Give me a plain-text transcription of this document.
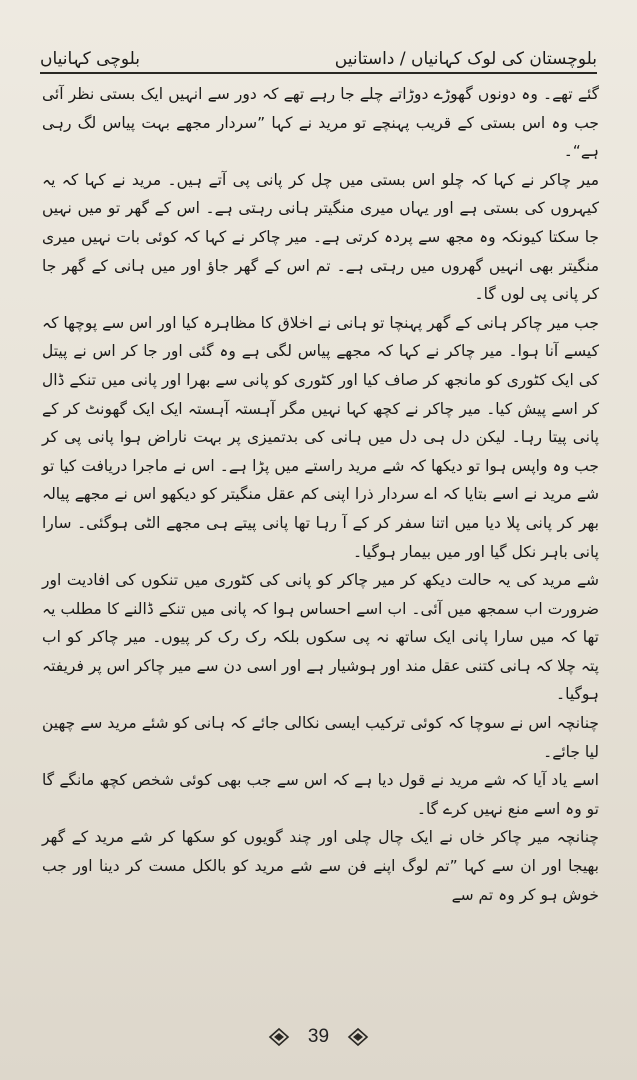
بلوچستان کی لوک کہانیاں / داستانیں
بلوچی کہانیاں

گئے تھے۔ وہ دونوں گھوڑے دوڑاتے چلے جا رہے تھے کہ دور سے انہیں ایک بستی نظر آئی جب وہ اس بستی کے قریب پہنچے تو مرید نے کہا ”سردار مجھے بہت پیاس لگ رہی ہے“۔

میر چاکر نے کہا کہ چلو اس بستی میں چل کر پانی پی آتے ہیں۔ مرید نے کہا کہ یہ کیہروں کی بستی ہے اور یہاں میری منگیتر ہانی رہتی ہے۔ اس کے گھر تو میں نہیں جا سکتا کیونکہ وہ مجھ سے پردہ کرتی ہے۔ میر چاکر نے کہا کہ کوئی بات نہیں میری منگیتر بھی انہیں گھروں میں رہتی ہے۔ تم اس کے گھر جاؤ اور میں ہانی کے گھر جا کر پانی پی لوں گا۔

جب میر چاکر ہانی کے گھر پہنچا تو ہانی نے اخلاق کا مظاہرہ کیا اور اس سے پوچھا کہ کیسے آنا ہوا۔ میر چاکر نے کہا کہ مجھے پیاس لگی ہے وہ گئی اور جا کر اس نے پیتل کی ایک کٹوری کو مانجھ کر صاف کیا اور کٹوری کو پانی سے بھرا اور پانی میں تنکے ڈال کر اسے پیش کیا۔ میر چاکر نے کچھ کہا نہیں مگر آہستہ آہستہ ایک ایک گھونٹ کر کے پانی پیتا رہا۔ لیکن دل ہی دل میں ہانی کی بدتمیزی پر بہت ناراض ہوا پانی پی کر جب وہ واپس ہوا تو دیکھا کہ شے مرید راستے میں پڑا ہے۔ اس نے ماجرا دریافت کیا تو شے مرید نے اسے بتایا کہ اے سردار ذرا اپنی کم عقل منگیتر کو دیکھو اس نے مجھے پیالہ بھر کر پانی پلا دیا میں اتنا سفر کر کے آ رہا تھا پانی پیتے ہی مجھے الٹی ہوگئی۔ سارا پانی باہر نکل گیا اور میں بیمار ہوگیا۔

شے مرید کی یہ حالت دیکھ کر میر چاکر کو پانی کی کٹوری میں تنکوں کی افادیت اور ضرورت اب سمجھ میں آئی۔ اب اسے احساس ہوا کہ پانی میں تنکے ڈالنے کا مطلب یہ تھا کہ میں سارا پانی ایک ساتھ نہ پی سکوں بلکہ رک رک کر پیوں۔ میر چاکر کو اب پتہ چلا کہ ہانی کتنی عقل مند اور ہوشیار ہے اور اسی دن سے میر چاکر اس پر فریفتہ ہوگیا۔

چنانچہ اس نے سوچا کہ کوئی ترکیب ایسی نکالی جائے کہ ہانی کو شئے مرید سے چھین لیا جائے۔

اسے یاد آیا کہ شے مرید نے قول دیا ہے کہ اس سے جب بھی کوئی شخص کچھ مانگے گا تو وہ اسے منع نہیں کرے گا۔

چنانچہ میر چاکر خاں نے ایک چال چلی اور چند گویوں کو سکھا کر شے مرید کے گھر بھیجا اور ان سے کہا ”تم لوگ اپنے فن سے شے مرید کو بالکل مست کر دینا اور جب خوش ہو کر وہ تم سے

39
